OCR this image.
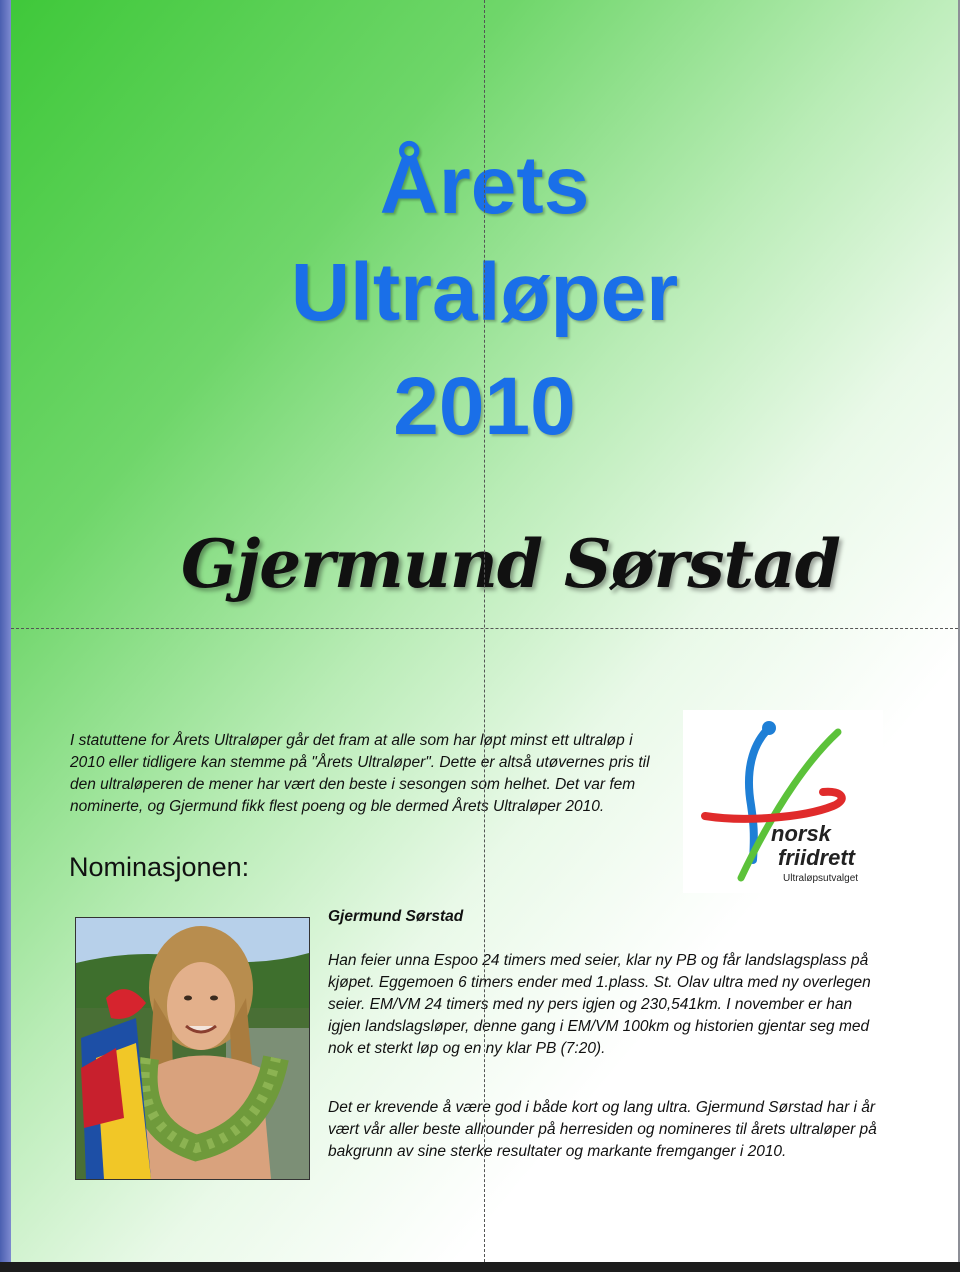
Årets
Ultraløper
2010
Gjermund Sørstad
I statuttene for Årets Ultraløper går det fram at alle som har løpt minst ett ultraløp i 2010 eller tidligere kan stemme på "Årets Ultraløper". Dette er altså utøvernes pris til den ultraløperen de mener har vært den beste i sesongen som helhet. Det var fem nominerte, og Gjermund fikk flest poeng og ble dermed Årets Ultraløper 2010.
norsk
friidrett
Ultraløpsutvalget
Nominasjonen:
Gjermund Sørstad
Han feier unna Espoo 24 timers med seier, klar ny PB og får landslagsplass på kjøpet. Eggemoen 6 timers ender med 1.plass. St. Olav ultra med ny overlegen seier. EM/VM 24 timers med ny pers igjen og 230,541km. I november er han igjen landslagsløper, denne gang i EM/VM 100km og historien gjentar seg med nok et sterkt løp og en ny klar PB (7:20).
Det er krevende å være god i både kort og lang ultra. Gjermund Sørstad har i år vært vår aller beste allrounder på herresiden og nomineres til årets ultraløper på bakgrunn av sine sterke resultater og markante fremganger i 2010.
